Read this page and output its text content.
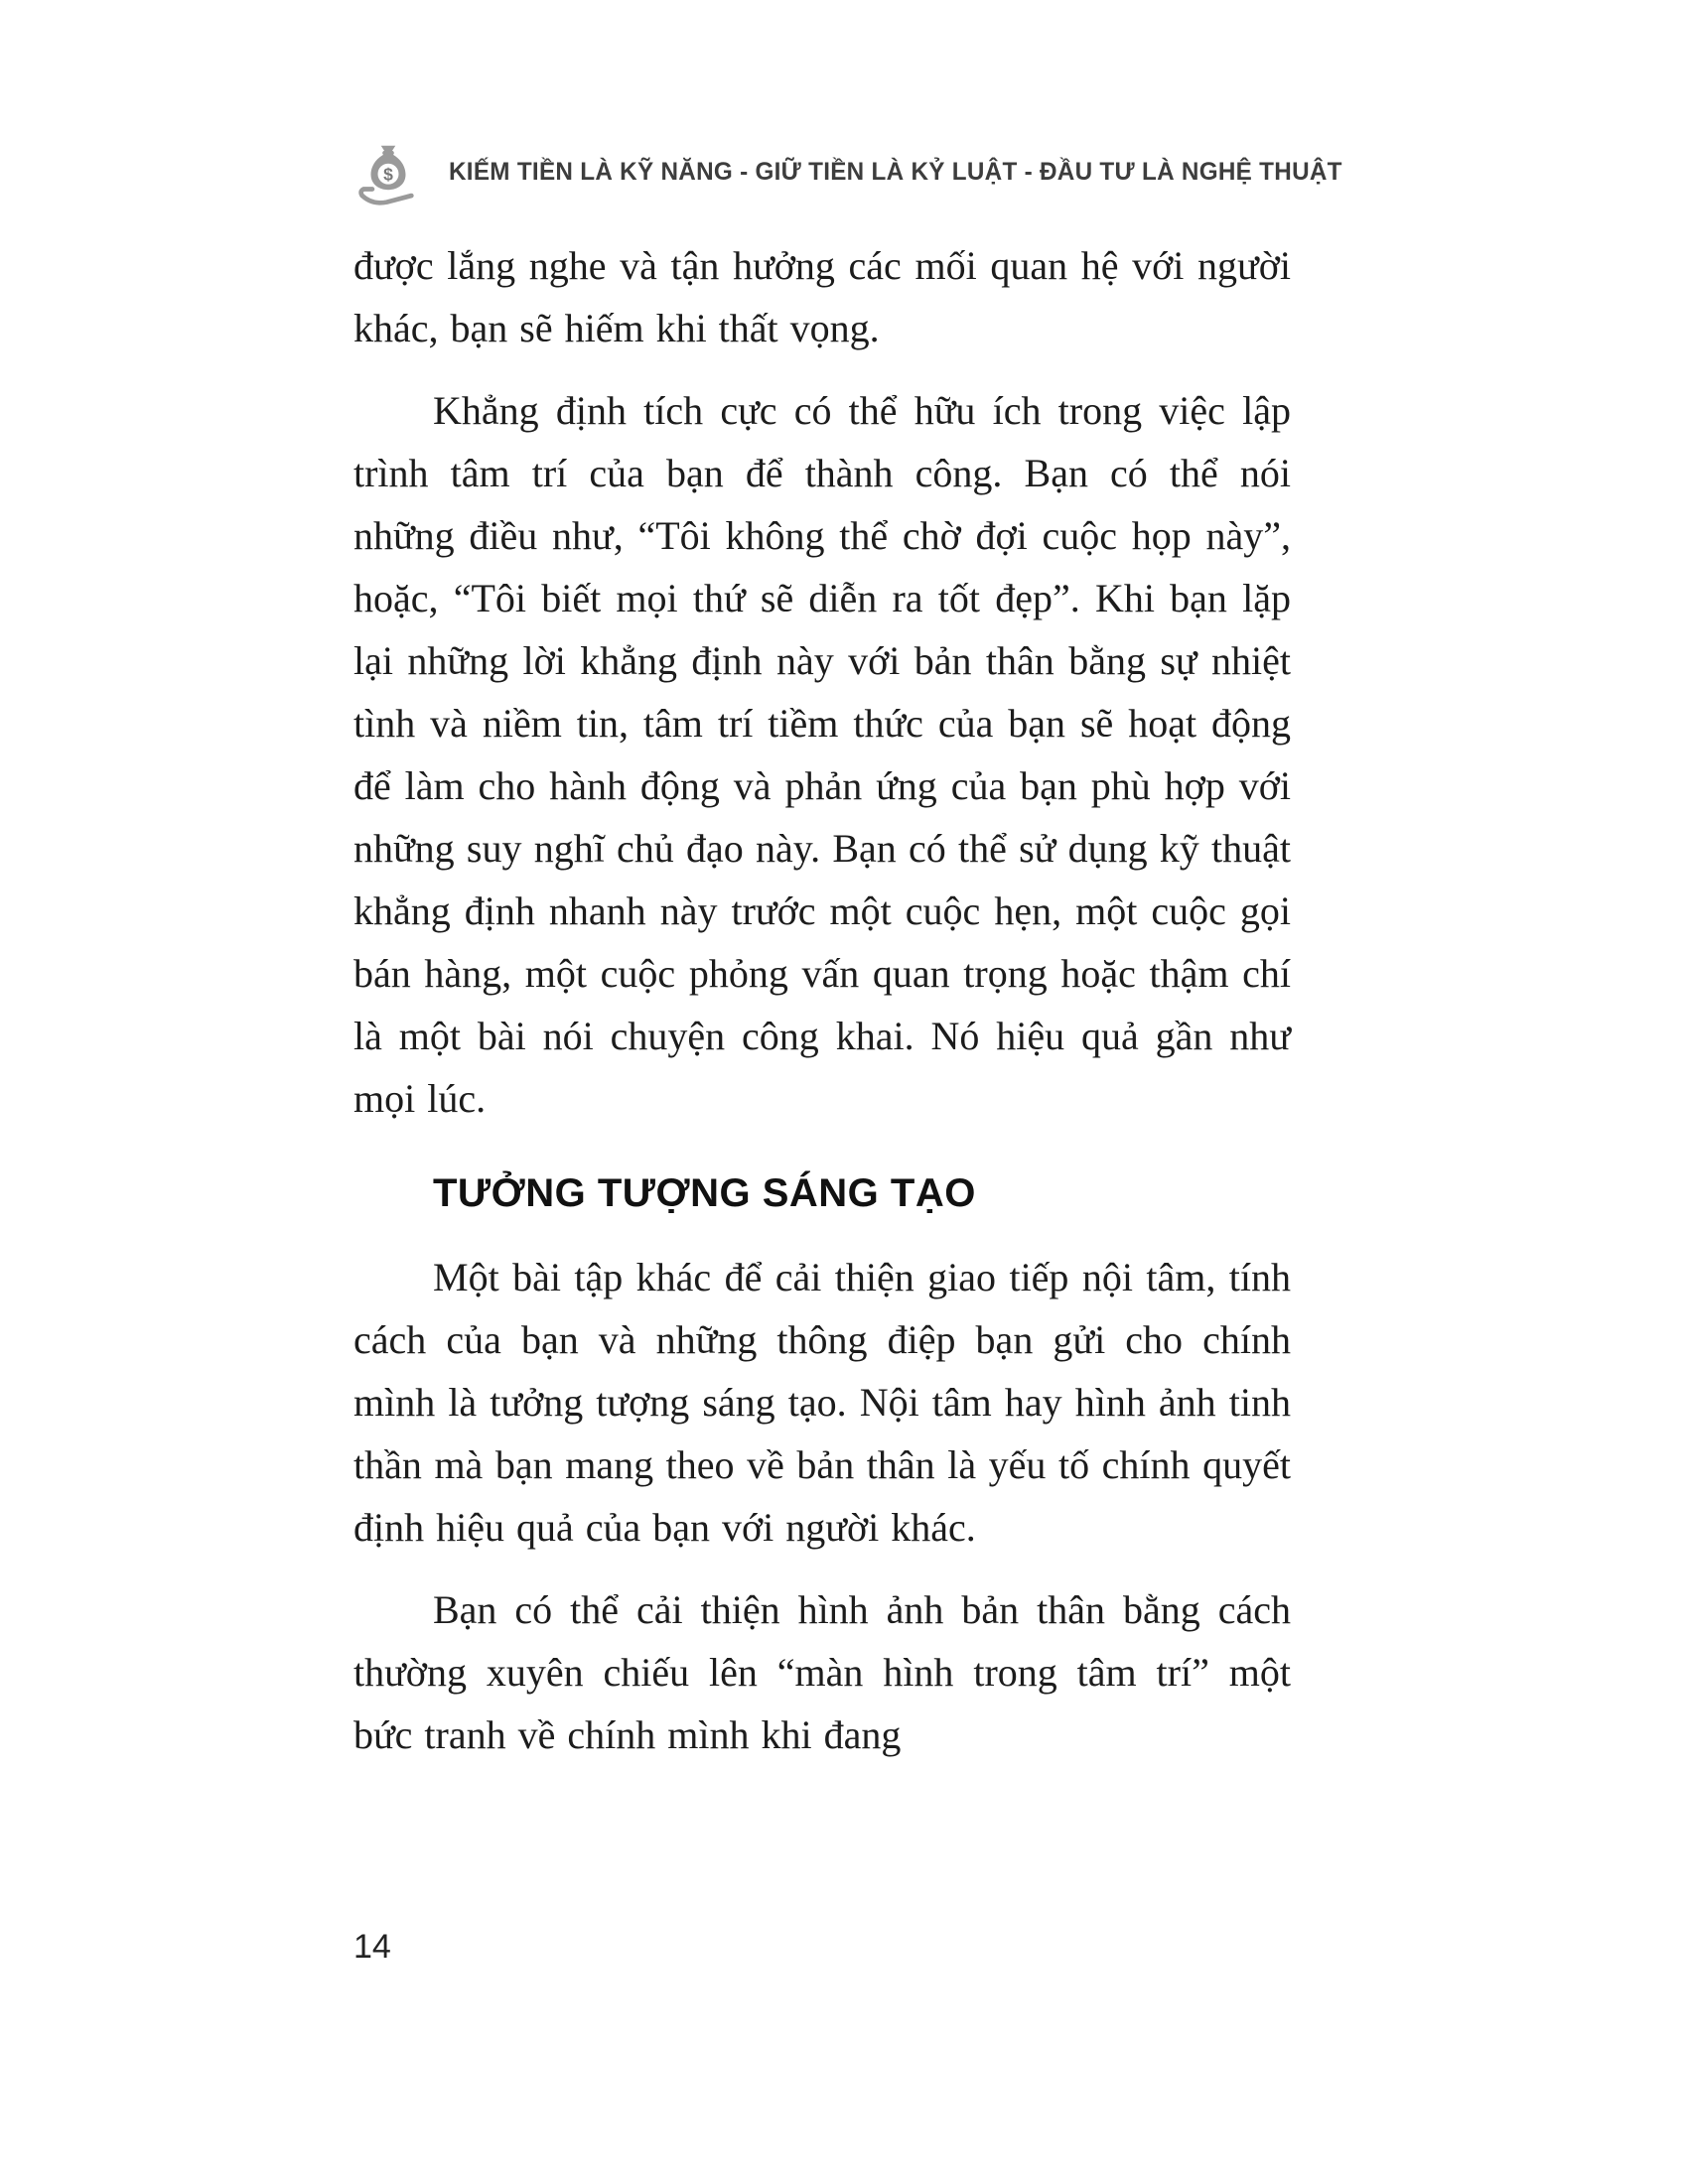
$ KIẾM TIỀN LÀ KỸ NĂNG - GIỮ TIỀN LÀ KỶ LUẬT - ĐẦU TƯ LÀ NGHỆ THUẬT

được lắng nghe và tận hưởng các mối quan hệ với người khác, bạn sẽ hiếm khi thất vọng.

Khẳng định tích cực có thể hữu ích trong việc lập trình tâm trí của bạn để thành công. Bạn có thể nói những điều như, “Tôi không thể chờ đợi cuộc họp này”, hoặc, “Tôi biết mọi thứ sẽ diễn ra tốt đẹp”. Khi bạn lặp lại những lời khẳng định này với bản thân bằng sự nhiệt tình và niềm tin, tâm trí tiềm thức của bạn sẽ hoạt động để làm cho hành động và phản ứng của bạn phù hợp với những suy nghĩ chủ đạo này. Bạn có thể sử dụng kỹ thuật khẳng định nhanh này trước một cuộc hẹn, một cuộc gọi bán hàng, một cuộc phỏng vấn quan trọng hoặc thậm chí là một bài nói chuyện công khai. Nó hiệu quả gần như mọi lúc.

TƯỞNG TƯỢNG SÁNG TẠO

Một bài tập khác để cải thiện giao tiếp nội tâm, tính cách của bạn và những thông điệp bạn gửi cho chính mình là tưởng tượng sáng tạo. Nội tâm hay hình ảnh tinh thần mà bạn mang theo về bản thân là yếu tố chính quyết định hiệu quả của bạn với người khác.

Bạn có thể cải thiện hình ảnh bản thân bằng cách thường xuyên chiếu lên “màn hình trong tâm trí” một bức tranh về chính mình khi đang

14
